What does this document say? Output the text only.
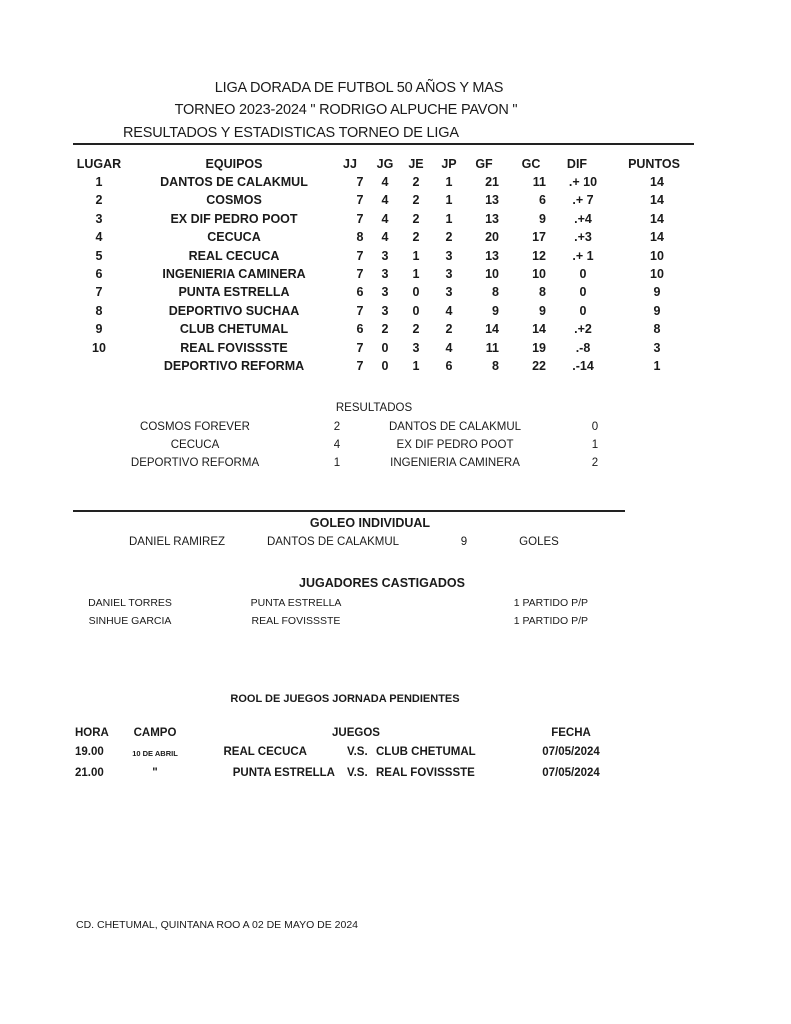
LIGA DORADA DE FUTBOL 50 AÑOS Y MAS
TORNEO 2023-2024 " RODRIGO ALPUCHE PAVON "
RESULTADOS Y ESTADISTICAS TORNEO DE LIGA
LUGAR	EQUIPOS	JJ JG JE JP GF GC DIF	PUNTOS
1	DANTOS DE CALAKMUL	7 4 2 1	21	11 .+ 10	14
2	COSMOS	7 4 2 1	13	6 .+ 7	14
3	EX DIF PEDRO POOT	7 4 2 1	13	9 .+4	14
4	CECUCA	8 4 2 2	20	17 .+3	14
5	REAL CECUCA	7 3 1 3	13	12 .+ 1	10
6	INGENIERIA CAMINERA	7 3 1 3	10	10	0	10
7	PUNTA ESTRELLA	6 3 0 3	8	8	0	9
8	DEPORTIVO SUCHAA	7 3 0 4	9	9	0	9
9	CLUB CHETUMAL	6 2 2 2	14	14 .+2	8
10	REAL FOVISSSTE	7 0 3 4	11	19 .-8	3
DEPORTIVO REFORMA	7 0 1 6	8	22 .-14	1
RESULTADOS
COSMOS FOREVER	2	DANTOS DE CALAKMUL	0
CECUCA	4	EX DIF PEDRO POOT	1
DEPORTIVO REFORMA	1	INGENIERIA CAMINERA	2
GOLEO INDIVIDUAL
DANIEL RAMIREZ	DANTOS DE CALAKMUL	9	GOLES
JUGADORES CASTIGADOS
DANIEL TORRES	PUNTA ESTRELLA	1 PARTIDO P/P
SINHUE GARCIA	REAL FOVISSSTE	1 PARTIDO P/P
ROOL DE JUEGOS JORNADA PENDIENTES
HORA CAMPO	JUEGOS	FECHA
19.00	10 DE ABRIL	REAL CECUCA	V.S. CLUB CHETUMAL	07/05/2024
21.00	"	PUNTA ESTRELLA V.S. REAL FOVISSSTE	07/05/2024
CD. CHETUMAL, QUINTANA ROO A 02 DE MAYO DE 2024
